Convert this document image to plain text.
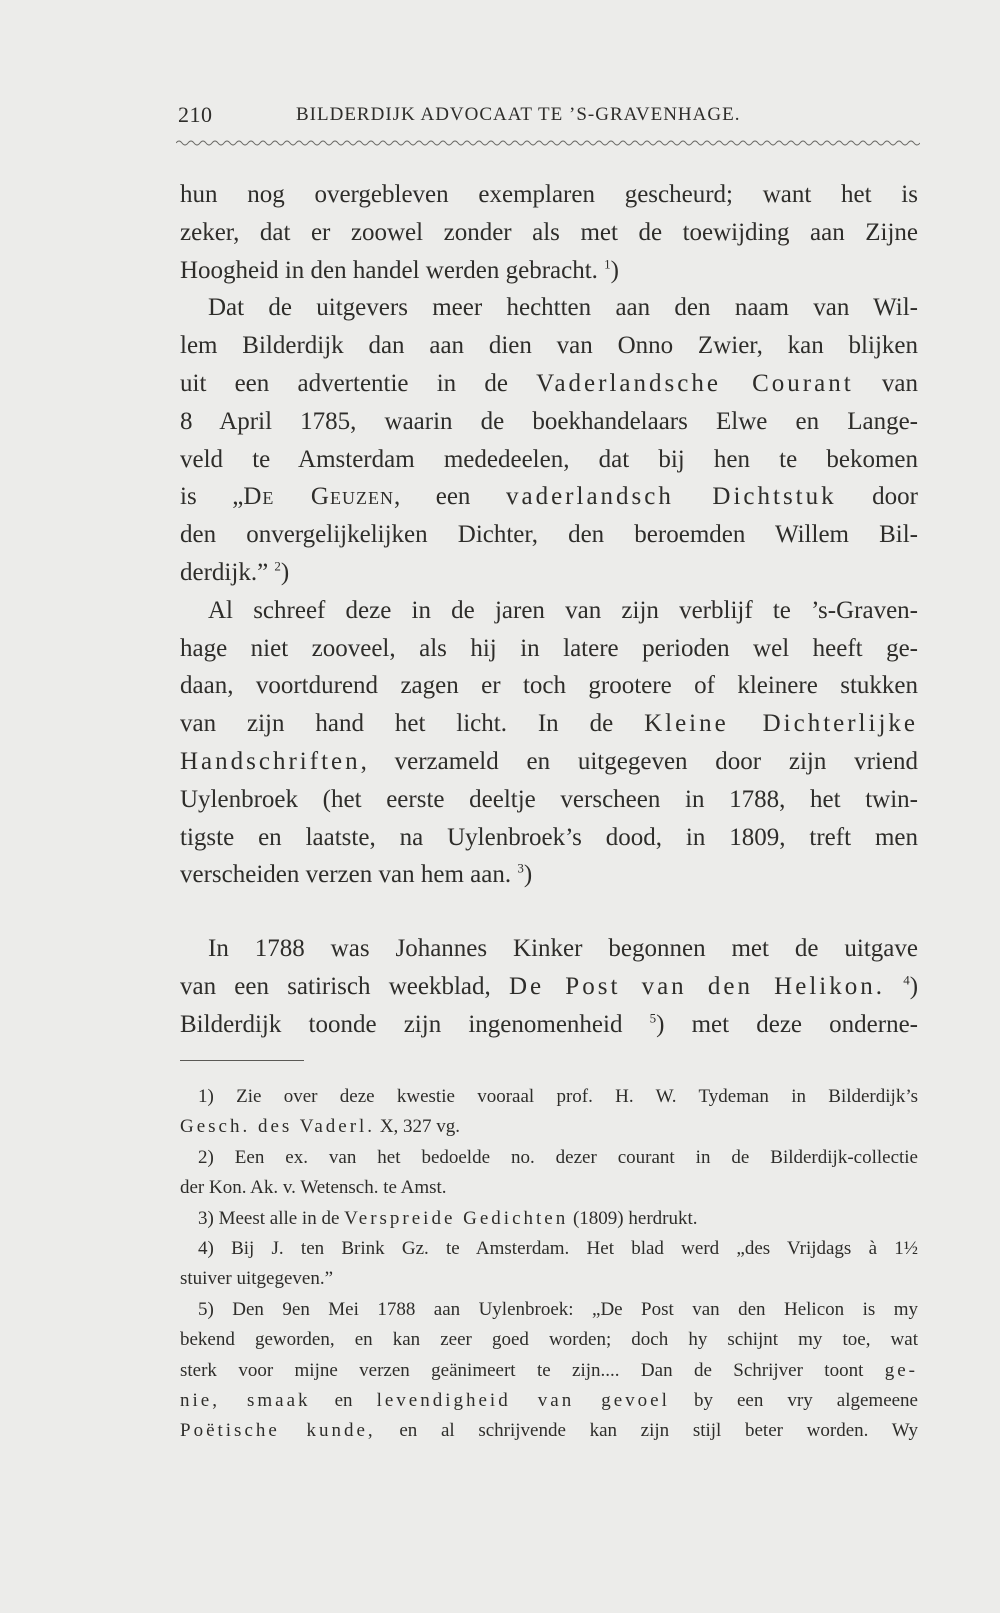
210	BILDERDIJK ADVOCAAT TE ’S-GRAVENHAGE.
hun nog overgebleven exemplaren gescheurd; want het is
zeker, dat er zoowel zonder als met de toewijding aan Zijne
Hoogheid in den handel werden gebracht. $^1$)
Dat de uitgevers meer hechtten aan den naam van Wil-
lem Bilderdijk dan aan dien van Onno Zwier, kan blijken
uit een advertentie in de Vaderlandsche Courant van
8 April 1785, waarin de boekhandelaars Elwe en Lange-
veld te Amsterdam mededeelen, dat bij hen te bekomen
is „De Geuzen, een vaderlandsch Dichtstuk door
den onvergelijkelijken Dichter, den beroemden Willem Bil-
derdijk.” $^2$)
Al schreef deze in de jaren van zijn verblijf te ’s-Graven-
hage niet zooveel, als hij in latere perioden wel heeft ge-
daan, voortdurend zagen er toch grootere of kleinere stukken
van zijn hand het licht. In de Kleine Dichterlijke
Handschriften, verzameld en uitgegeven door zijn vriend
Uylenbroek (het eerste deeltje verscheen in 1788, het twin-
tigste en laatste, na Uylenbroek’s dood, in 1809, treft men
verscheiden verzen van hem aan. $^3$)
In 1788 was Johannes Kinker begonnen met de uitgave
van een satirisch weekblad, De Post van den Helikon. $^4$)
Bilderdijk toonde zijn ingenomenheid $^5$) met deze onderne-
1) Zie over deze kwestie vooraal prof. H. W. Tydeman in Bilderdijk’s
Gesch. des Vaderl. X, 327 vg.
2) Een ex. van het bedoelde no. dezer courant in de Bilderdijk-collectie
der Kon. Ak. v. Wetensch. te Amst.
3) Meest alle in de Verspreide Gedichten (1809) herdrukt.
4) Bij J. ten Brink Gz. te Amsterdam. Het blad werd „des Vrijdags à 1½
stuiver uitgegeven.”
5) Den 9en Mei 1788 aan Uylenbroek: „De Post van den Helicon is my
bekend geworden, en kan zeer goed worden; doch hy schijnt my toe, wat
sterk voor mijne verzen geänimeert te zijn.... Dan de Schrijver toont ge-
nie, smaak en levendigheid van gevoel by een vry algemeene
Poëtische kunde, en al schrijvende kan zijn stijl beter worden. Wy
